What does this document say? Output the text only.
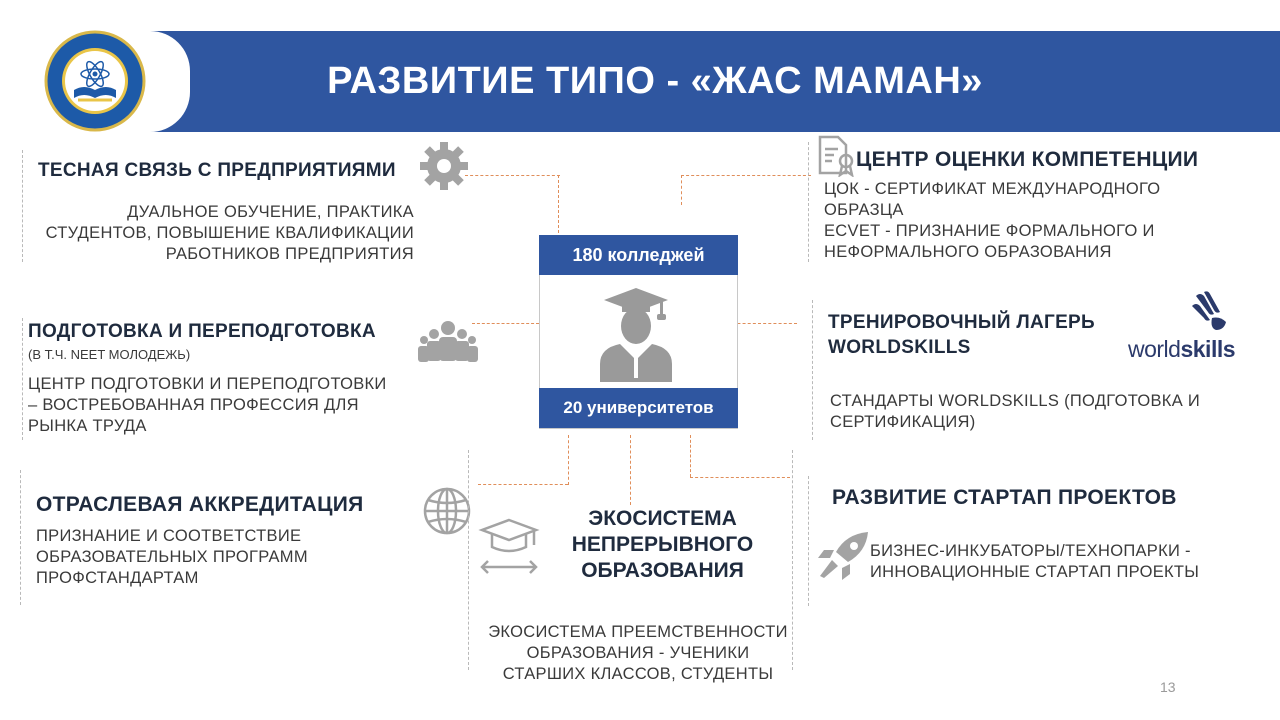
РАЗВИТИЕ ТИПО - «ЖАС МАМАН»
ТЕСНАЯ СВЯЗЬ С ПРЕДПРИЯТИЯМИ
ДУАЛЬНОЕ ОБУЧЕНИЕ, ПРАКТИКА
СТУДЕНТОВ, ПОВЫШЕНИЕ КВАЛИФИКАЦИИ
РАБОТНИКОВ ПРЕДПРИЯТИЯ
ПОДГОТОВКА И ПЕРЕПОДГОТОВКА
(В Т.Ч. NEET МОЛОДЕЖЬ)
ЦЕНТР ПОДГОТОВКИ И ПЕРЕПОДГОТОВКИ
– ВОСТРЕБОВАННАЯ ПРОФЕССИЯ ДЛЯ
РЫНКА ТРУДА
ОТРАСЛЕВАЯ АККРЕДИТАЦИЯ
ПРИЗНАНИЕ И СООТВЕТСТВИЕ
ОБРАЗОВАТЕЛЬНЫХ ПРОГРАММ
ПРОФСТАНДАРТАМ
180 колледжей
20 университетов
ЭКОСИСТЕМА
НЕПРЕРЫВНОГО
ОБРАЗОВАНИЯ
ЭКОСИСТЕМА ПРЕЕМСТВЕННОСТИ
ОБРАЗОВАНИЯ - УЧЕНИКИ
СТАРШИХ КЛАССОВ, СТУДЕНТЫ
ЦЕНТР ОЦЕНКИ КОМПЕТЕНЦИИ
ЦОК - СЕРТИФИКАТ МЕЖДУНАРОДНОГО
ОБРАЗЦА
ECVET - ПРИЗНАНИЕ ФОРМАЛЬНОГО И
НЕФОРМАЛЬНОГО ОБРАЗОВАНИЯ
ТРЕНИРОВОЧНЫЙ ЛАГЕРЬ
WORLDSKILLS	worldskills
СТАНДАРТЫ WORLDSKILLS (ПОДГОТОВКА И
СЕРТИФИКАЦИЯ)
РАЗВИТИЕ СТАРТАП ПРОЕКТОВ
БИЗНЕС-ИНКУБАТОРЫ/ТЕХНОПАРКИ -
ИННОВАЦИОННЫЕ СТАРТАП ПРОЕКТЫ
13
